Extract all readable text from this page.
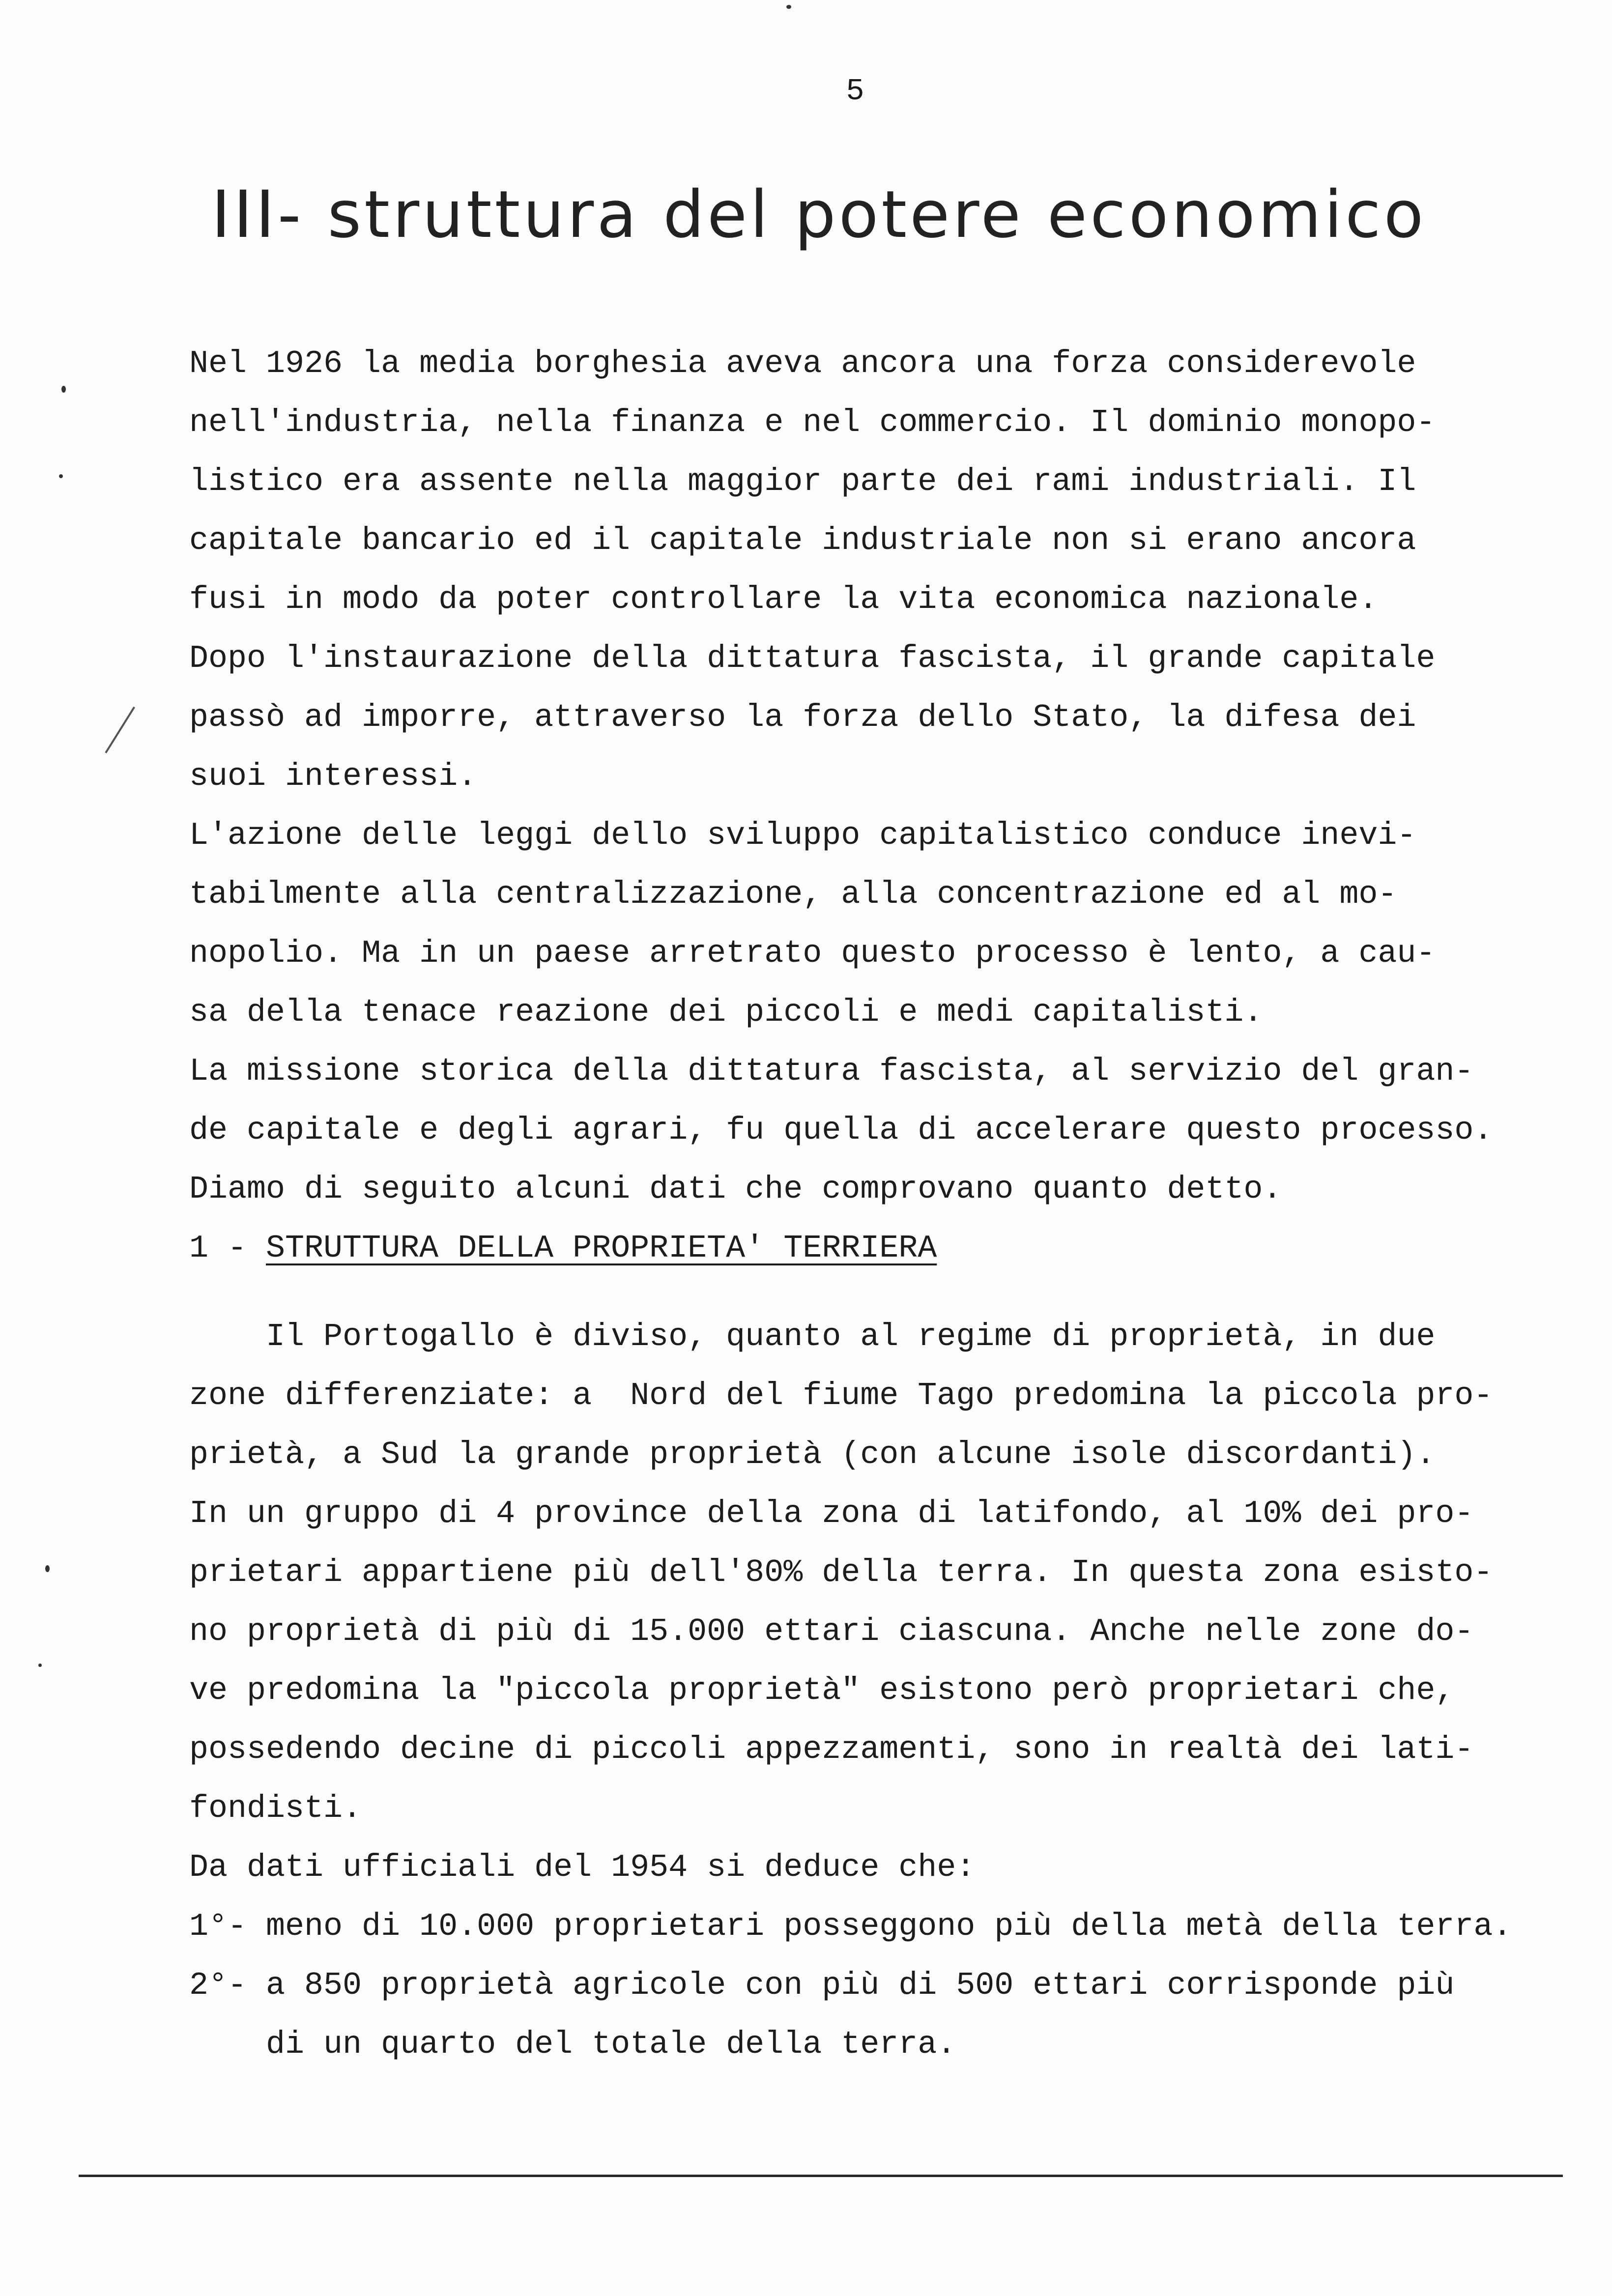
5
III- struttura del potere economico
Nel 1926 la media borghesia aveva ancora una forza considerevole
nell'industria, nella finanza e nel commercio. Il dominio monopo-
listico era assente nella maggior parte dei rami industriali. Il
capitale bancario ed il capitale industriale non si erano ancora
fusi in modo da poter controllare la vita economica nazionale.
Dopo l'instaurazione della dittatura fascista, il grande capitale
passò ad imporre, attraverso la forza dello Stato, la difesa dei
suoi interessi.
L'azione delle leggi dello sviluppo capitalistico conduce inevi-
tabilmente alla centralizzazione, alla concentrazione ed al mo-
nopolio. Ma in un paese arretrato questo processo è lento, a cau-
sa della tenace reazione dei piccoli e medi capitalisti.
La missione storica della dittatura fascista, al servizio del gran-
de capitale e degli agrari, fu quella di accelerare questo processo.
Diamo di seguito alcuni dati che comprovano quanto detto.
1 - STRUTTURA DELLA PROPRIETA' TERRIERA
Il Portogallo è diviso, quanto al regime di proprietà, in due
zone differenziate: a  Nord del fiume Tago predomina la piccola pro-
prietà, a Sud la grande proprietà (con alcune isole discordanti).
In un gruppo di 4 province della zona di latifondo, al 10% dei pro-
prietari appartiene più dell'80% della terra. In questa zona esisto-
no proprietà di più di 15.000 ettari ciascuna. Anche nelle zone do-
ve predomina la "piccola proprietà" esistono però proprietari che,
possedendo decine di piccoli appezzamenti, sono in realtà dei lati-
fondisti.
Da dati ufficiali del 1954 si deduce che:
1°- meno di 10.000 proprietari posseggono più della metà della terra.
2°- a 850 proprietà agricole con più di 500 ettari corrisponde più
di un quarto del totale della terra.
